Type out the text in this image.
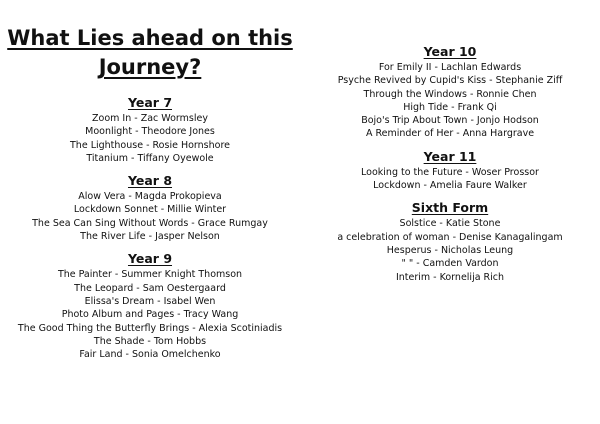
What Lies ahead on this
Journey?
Year 7
Zoom In - Zac Wormsley
Moonlight - Theodore Jones
The Lighthouse - Rosie Hornshore
Titanium - Tiffany Oyewole
Year 8
Alow Vera - Magda Prokopieva
Lockdown Sonnet - Millie Winter
The Sea Can Sing Without Words - Grace Rumgay
The River Life - Jasper Nelson
Year 9
The Painter - Summer Knight Thomson
The Leopard - Sam Oestergaard
Elissa's Dream - Isabel Wen
Photo Album and Pages - Tracy Wang
The Good Thing the Butterfly Brings - Alexia Scotiniadis
The Shade - Tom Hobbs
Fair Land - Sonia Omelchenko
Year 10
For Emily II - Lachlan Edwards
Psyche Revived by Cupid's Kiss - Stephanie Ziff
Through the Windows - Ronnie Chen
High Tide - Frank Qi
Bojo's Trip About Town - Jonjo Hodson
A Reminder of Her - Anna Hargrave
Year 11
Looking to the Future - Woser Prossor
Lockdown - Amelia Faure Walker
Sixth Form
Solstice - Katie Stone
a celebration of woman - Denise Kanagalingam
Hesperus - Nicholas Leung
" " - Camden Vardon
Interim - Kornelija Rich
